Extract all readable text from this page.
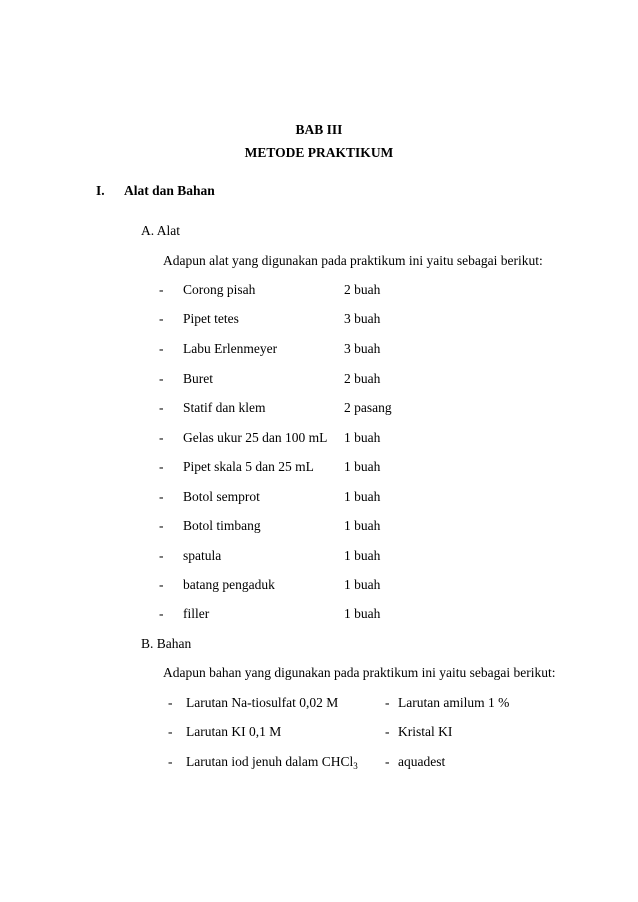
BAB III
METODE PRAKTIKUM
I. Alat dan Bahan
A. Alat
Adapun alat yang digunakan pada praktikum ini yaitu sebagai berikut:
- Corong pisah	2 buah
- Pipet tetes	3 buah
- Labu Erlenmeyer	3 buah
- Buret	2 buah
- Statif dan klem	2 pasang
- Gelas ukur 25 dan 100 mL 1 buah
- Pipet skala 5 dan 25 mL 1 buah
- Botol semprot	1 buah
- Botol timbang	1 buah
- spatula	1 buah
- batang pengaduk	1 buah
- filler	1 buah
B. Bahan
Adapun bahan yang digunakan pada praktikum ini yaitu sebagai berikut:
- Larutan Na-tiosulfat 0,02 M	- Larutan amilum 1 %
- Larutan KI 0,1 M	- Kristal KI
- Larutan iod jenuh dalam CHCl$_3$ - aquadest
